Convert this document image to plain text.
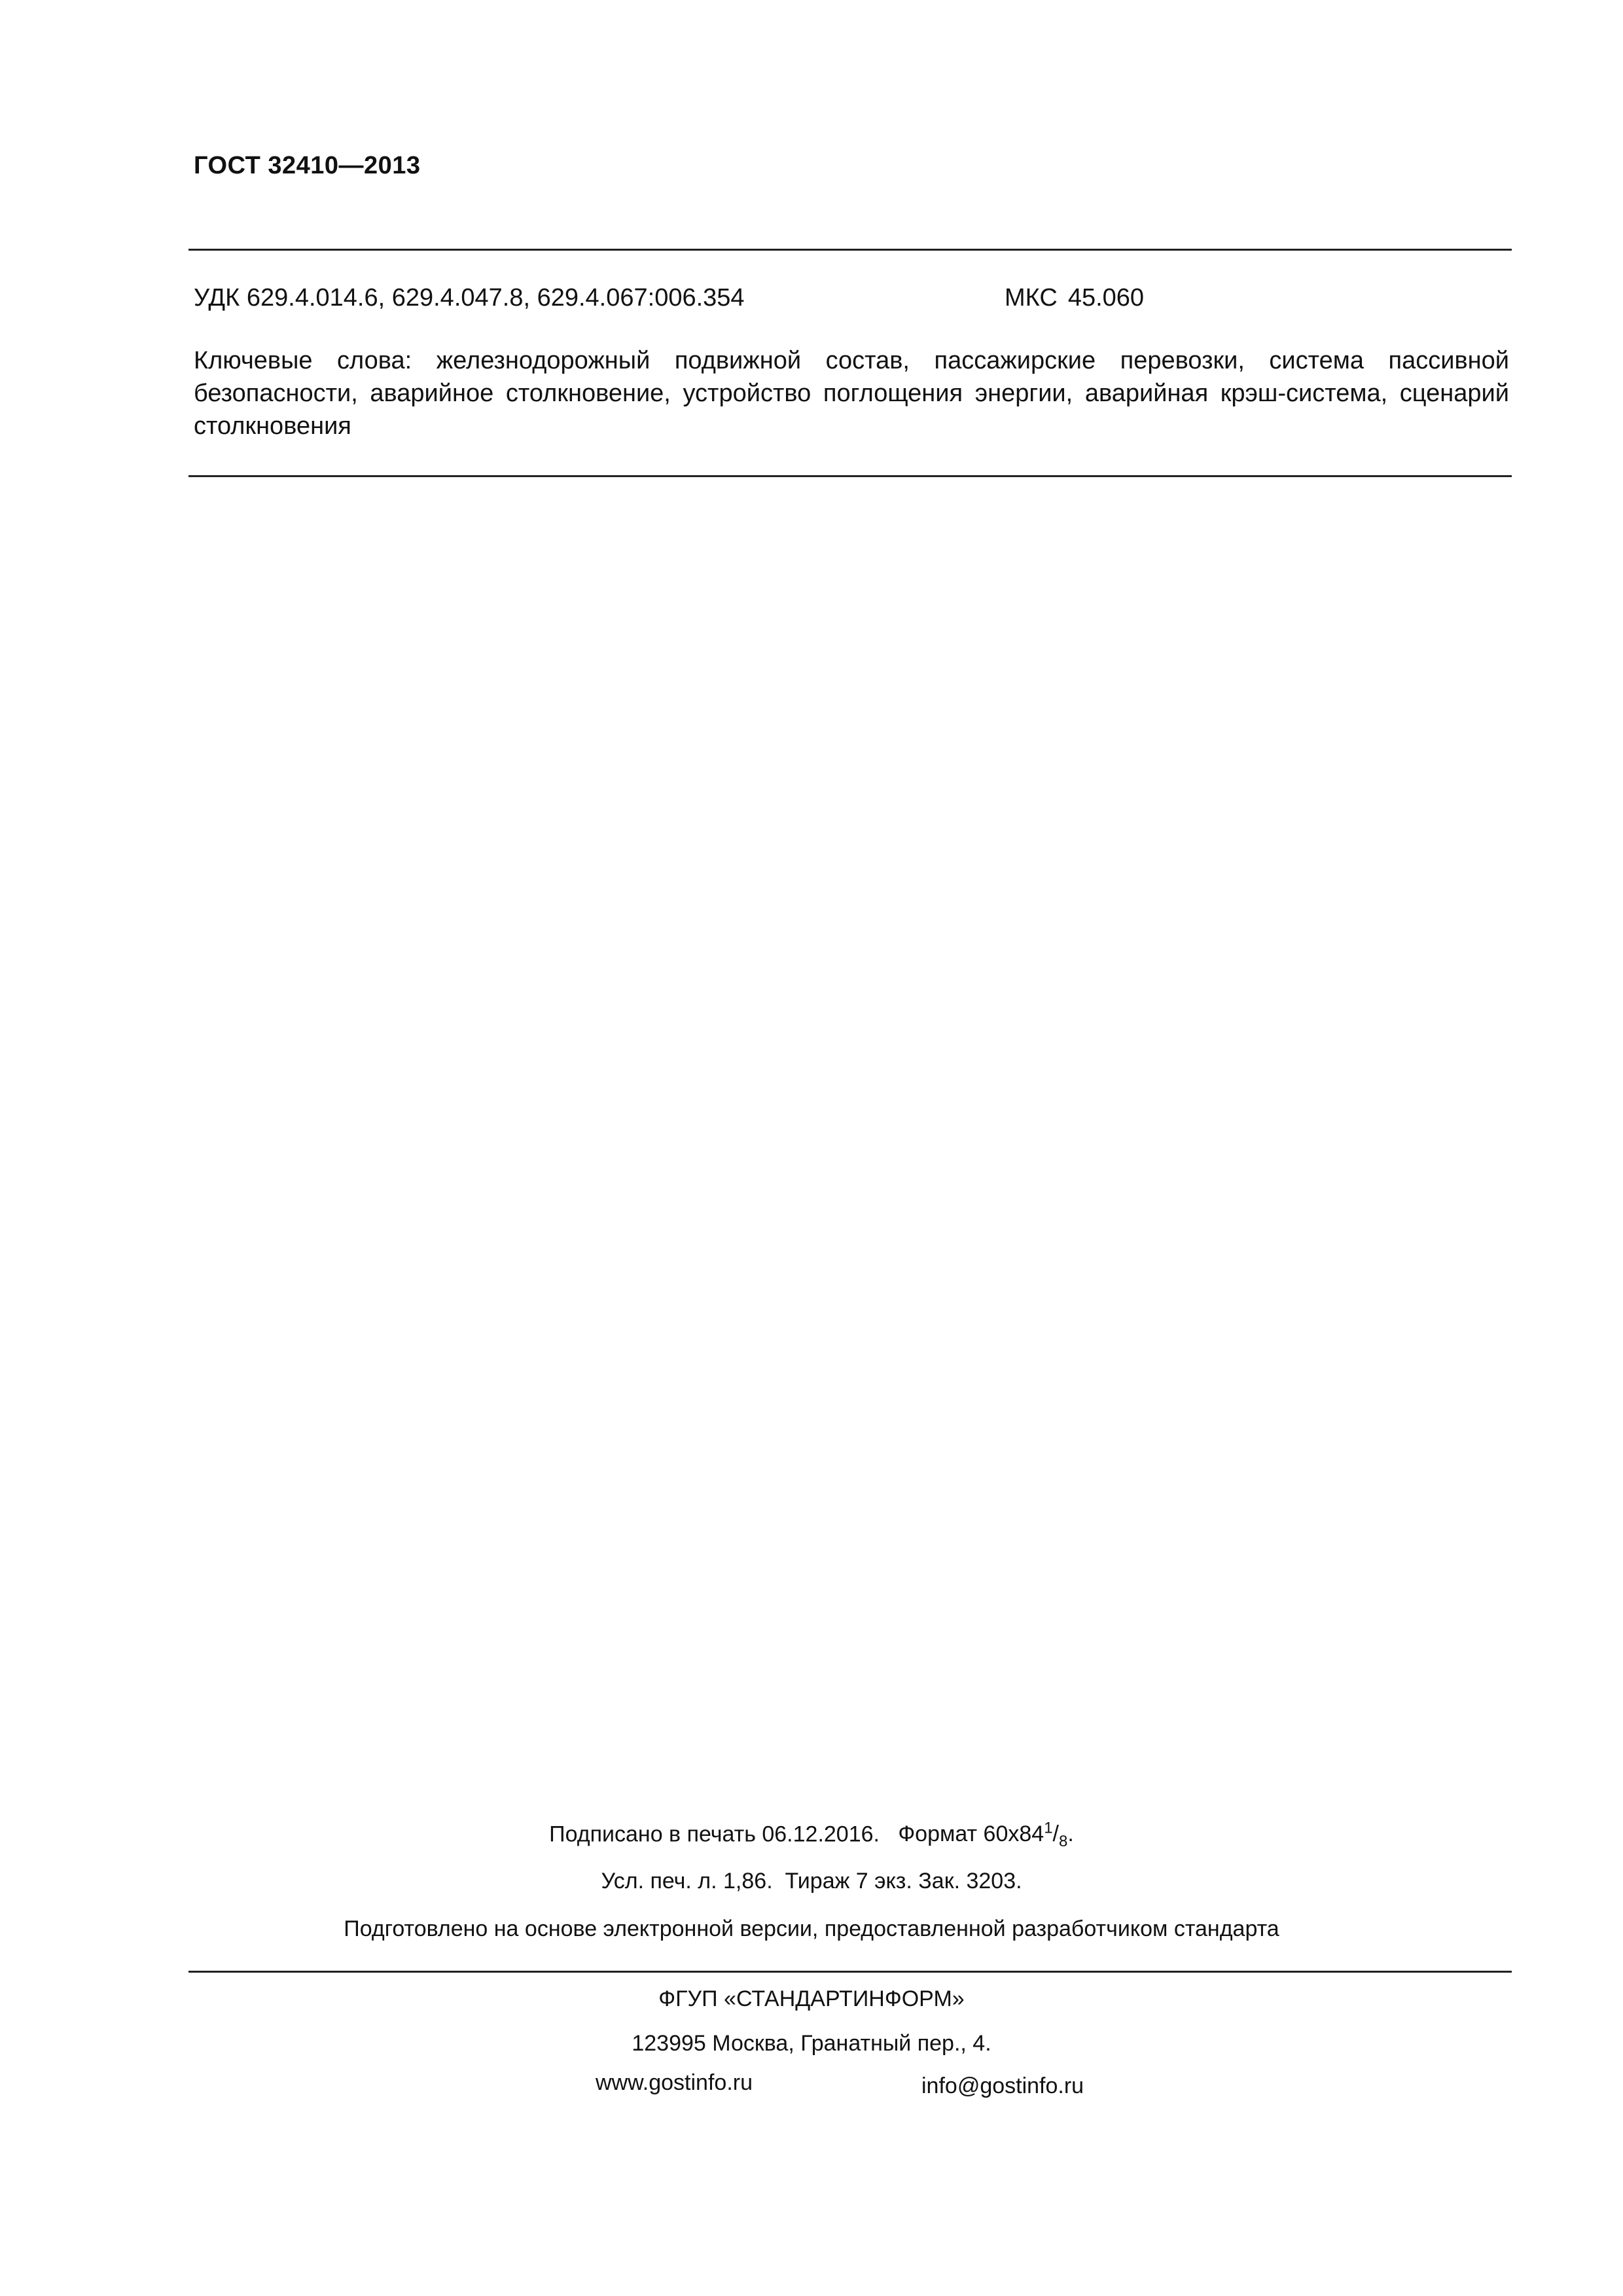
ГОСТ 32410—2013
УДК 629.4.014.6, 629.4.047.8, 629.4.067:006.354	МКС 45.060
Ключевые слова: железнодорожный подвижной состав, пассажирские перевозки, система пассивной безопасности, аварийное столкновение, устройство поглощения энергии, аварийная крэш-система, сценарий столкновения
Подписано в печать 06.12.2016. Формат $60x84^1/_8$.
Усл. печ. л. 1,86.  Тираж 7 экз. Зак. 3203.
Подготовлено на основе электронной версии, предоставленной разработчиком стандарта
ФГУП «СТАНДАРТИНФОРМ»
123995 Москва, Гранатный пер., 4.
www.gostinfo.ru	info@gostinfo.ru
